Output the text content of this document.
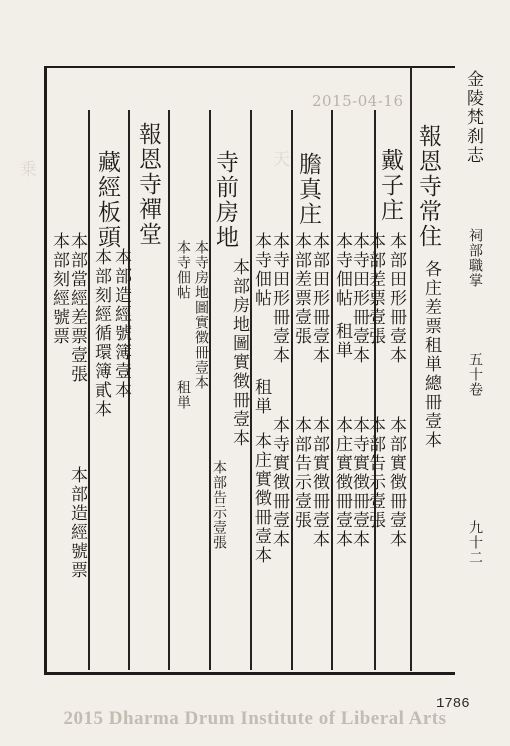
天
乗
金陵梵刹志
祠部職掌
五十卷
九十二
2015-04-16
報恩寺常住
各庄差票租単總冊壹本
戴子庄
本部田形冊壹本
本部實徴冊壹本
本部差票壹張
本部告示壹張
本寺田形冊壹本
本寺實徴冊壹本
本寺佃帖
租単
本庄實徴冊壹本
膽真庄
本部田形冊壹本
本部實徴冊壹本
本部差票壹張
本部告示壹張
本寺田形冊壹本
本寺實徴冊壹本
本寺佃帖
租単
本庄實徴冊壹本
寺前房地
本部房地圖實徴冊壹本
本寺房地圖實徴冊壹本
本部告示壹張
本寺佃帖
租単
報恩寺禪堂
藏經板頭
本部造經號簿壹本
本部刻經循環簿貳本
本部當經差票壹張
本部造經號票
本部刻經號票
1786
2015 Dharma Drum Institute of Liberal Arts
